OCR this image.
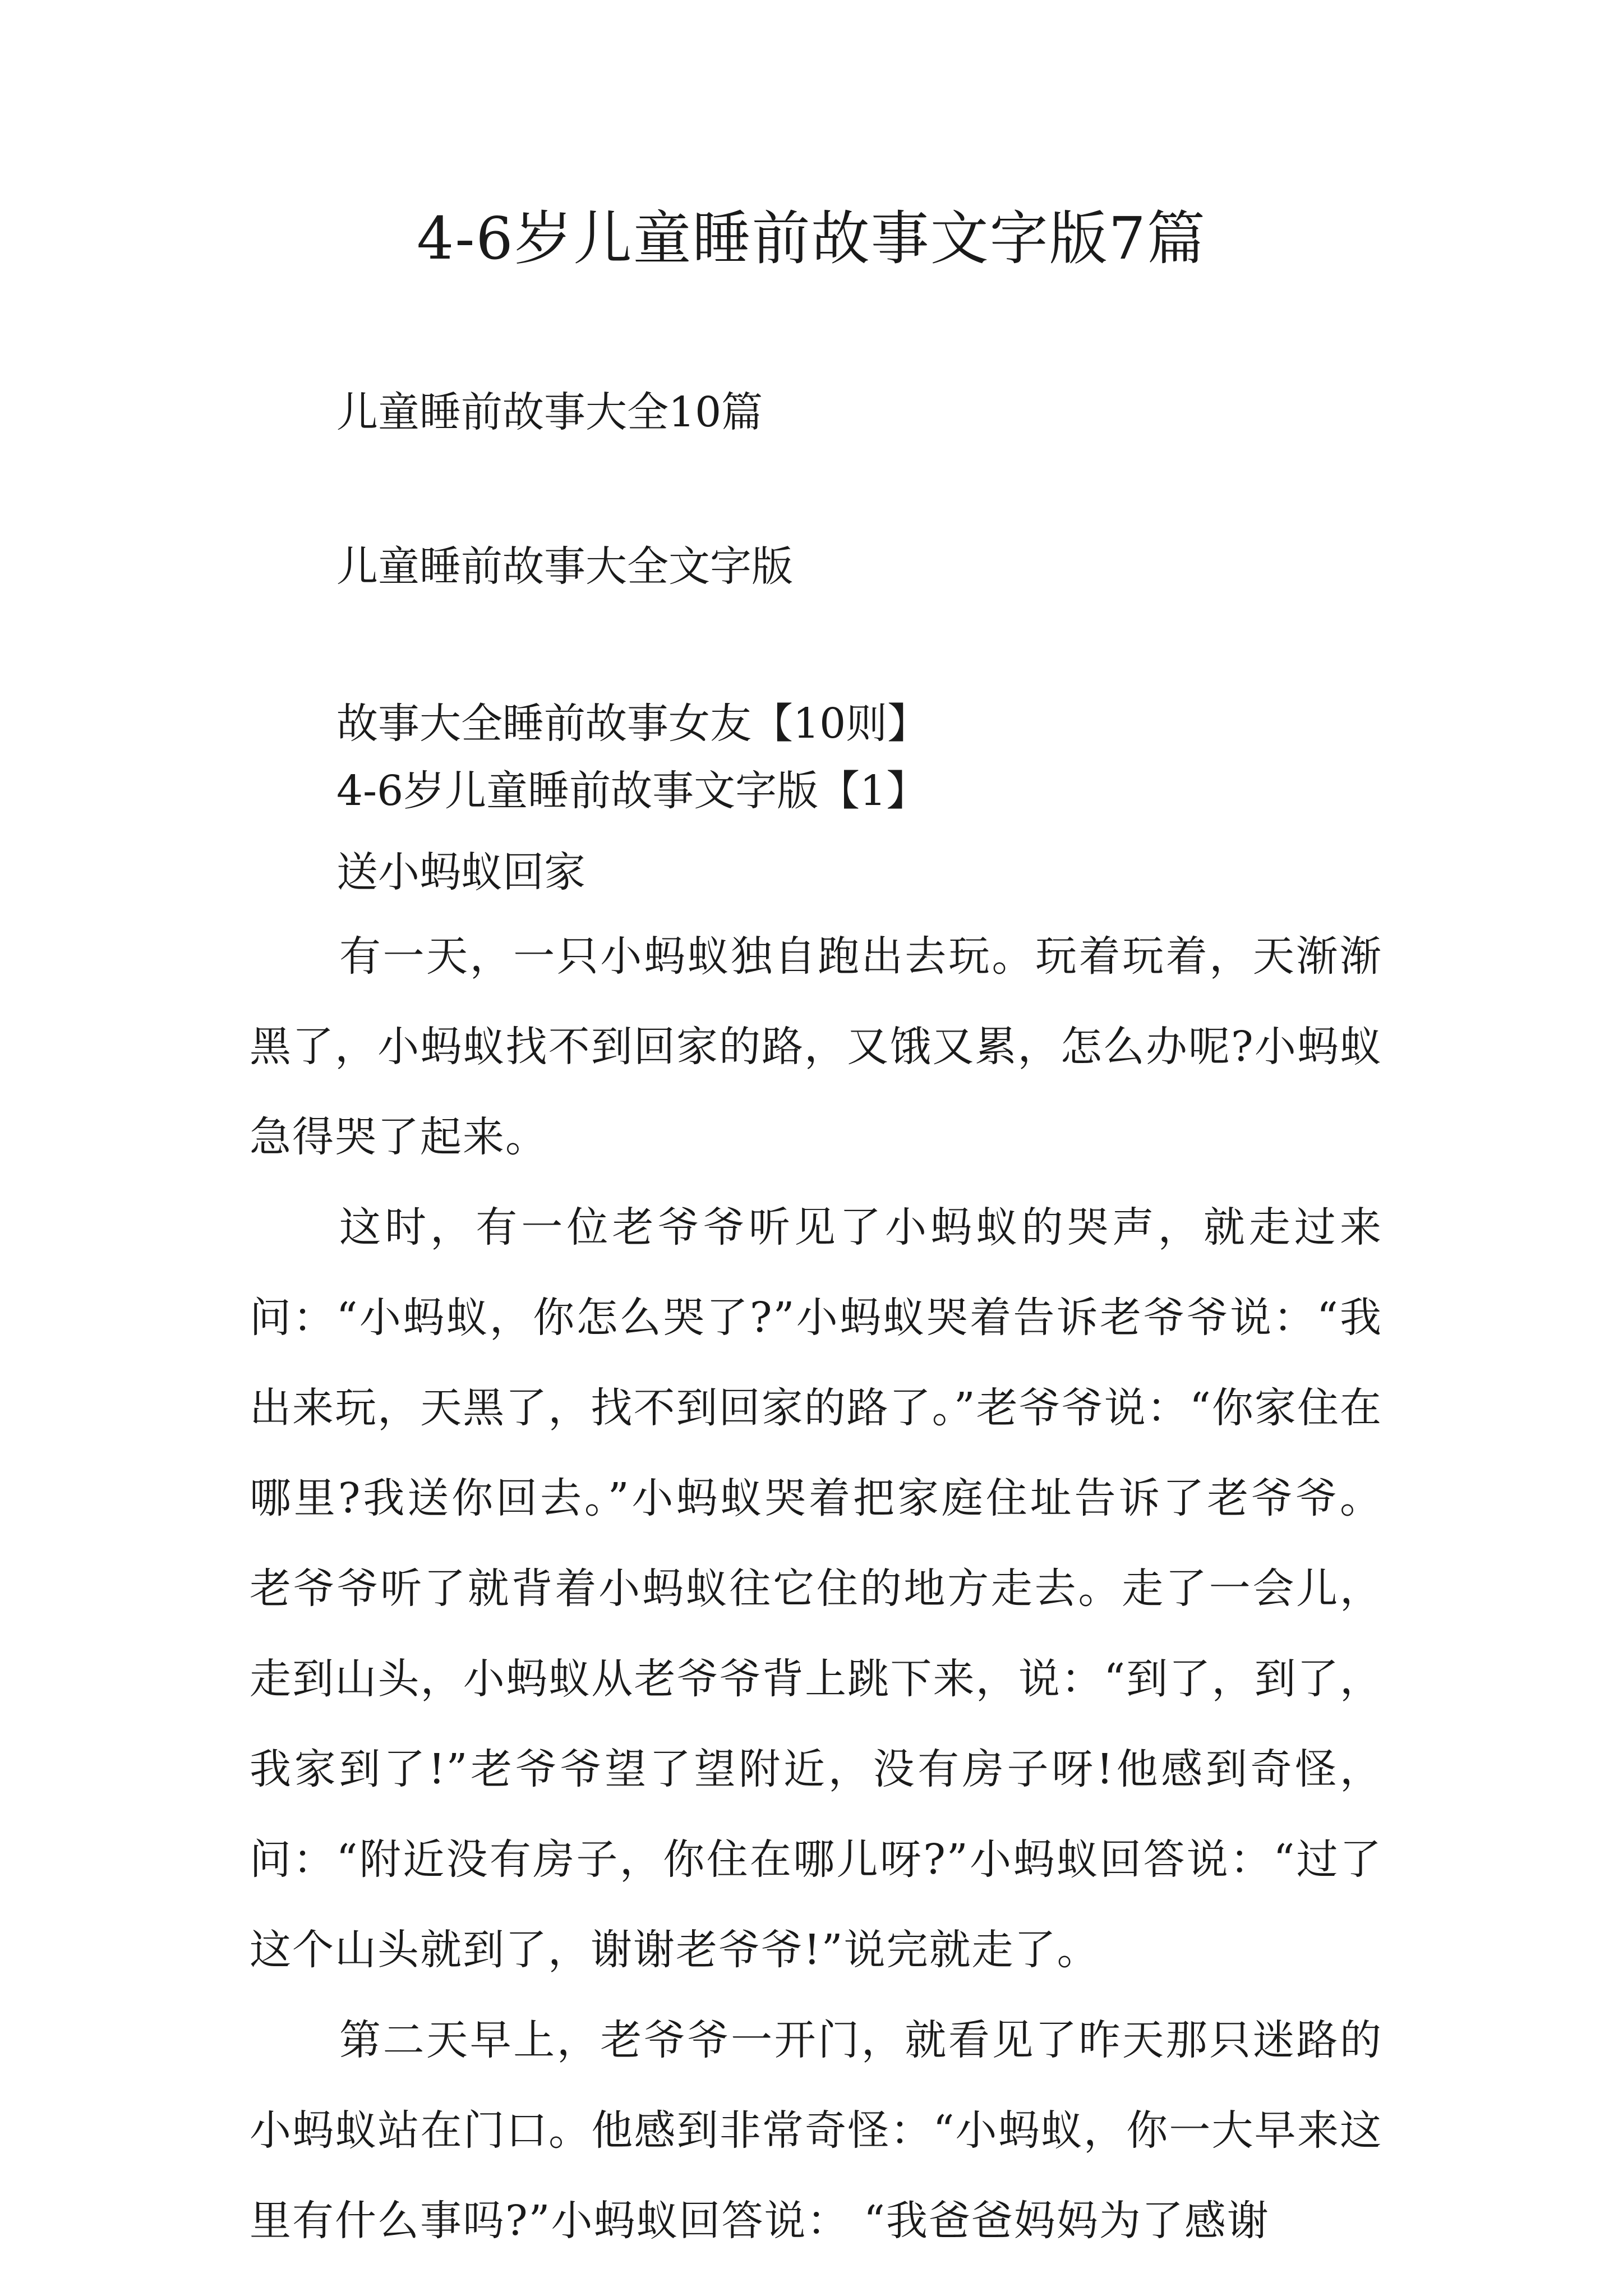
4-6岁儿童睡前故事文字版7篇
儿童睡前故事大全10篇
儿童睡前故事大全文字版
故事大全睡前故事女友【10则】
4-6岁儿童睡前故事文字版【1】
送小蚂蚁回家

有一天，一只小蚂蚁独自跑出去玩。玩着玩着，天渐渐黑了，小蚂蚁找不到回家的路，又饿又累，怎么办呢?小蚂蚁急得哭了起来。

这时，有一位老爷爷听见了小蚂蚁的哭声，就走过来问：“小蚂蚁，你怎么哭了?”小蚂蚁哭着告诉老爷爷说：“我出来玩，天黑了，找不到回家的路了。”老爷爷说：“你家住在哪里?我送你回去。”小蚂蚁哭着把家庭住址告诉了老爷爷。老爷爷听了就背着小蚂蚁往它住的地方走去。走了一会儿，走到山头，小蚂蚁从老爷爷背上跳下来，说：“到了，到了，我家到了!”老爷爷望了望附近，没有房子呀!他感到奇怪，问：“附近没有房子，你住在哪儿呀?”小蚂蚁回答说：“过了这个山头就到了，谢谢老爷爷!”说完就走了。

第二天早上，老爷爷一开门，就看见了昨天那只迷路的小蚂蚁站在门口。他感到非常奇怪：“小蚂蚁，你一大早来这里有什么事吗?”小蚂蚁回答说： “我爸爸妈妈为了感谢
